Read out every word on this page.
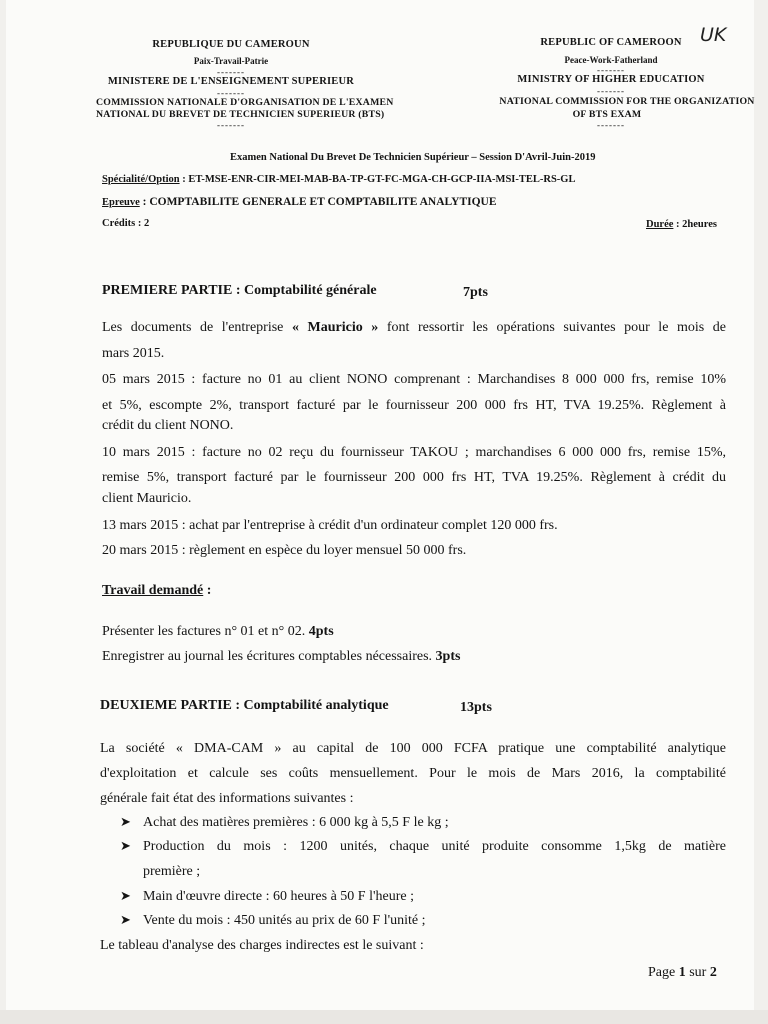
REPUBLIQUE DU CAMEROUN
Paix-Travail-Patrie
-------
MINISTERE DE L'ENSEIGNEMENT SUPERIEUR
-------
COMMISSION NATIONALE D'ORGANISATION DE L'EXAMEN
NATIONAL DU BREVET DE TECHNICIEN SUPERIEUR (BTS)
-------
REPUBLIC OF CAMEROON UK
Peace-Work-Fatherland
-------
MINISTRY OF HIGHER EDUCATION
-------
NATIONAL COMMISSION FOR THE ORGANIZATION
OF BTS EXAM
-------
Examen National Du Brevet De Technicien Supérieur – Session D'Avril-Juin-2019
Spécialité/Option : ET-MSE-ENR-CIR-MEI-MAB-BA-TP-GT-FC-MGA-CH-GCP-IIA-MSI-TEL-RS-GL
Epreuve : COMPTABILITE GENERALE ET COMPTABILITE ANALYTIQUE
Crédits : 2	Durée : 2heures
PREMIERE PARTIE : Comptabilité générale	7pts
Les documents de l'entreprise « Mauricio » font ressortir les opérations suivantes pour le mois de
mars 2015.
05 mars 2015 : facture no 01 au client NONO comprenant : Marchandises 8 000 000 frs, remise 10%
et 5%, escompte 2%, transport facturé par le fournisseur 200 000 frs HT, TVA 19.25%. Règlement à
crédit du client NONO.
10 mars 2015 : facture no 02 reçu du fournisseur TAKOU ; marchandises 6 000 000 frs, remise 15%,
remise 5%, transport facturé par le fournisseur 200 000 frs HT, TVA 19.25%. Règlement à crédit du
client Mauricio.
13 mars 2015 : achat par l'entreprise à crédit d'un ordinateur complet 120 000 frs.
20 mars 2015 : règlement en espèce du loyer mensuel 50 000 frs.
Travail demandé :
Présenter les factures n° 01 et n° 02. 4pts
Enregistrer au journal les écritures comptables nécessaires. 3pts
DEUXIEME PARTIE : Comptabilité analytique	13pts
La société « DMA-CAM » au capital de 100 000 FCFA pratique une comptabilité analytique
d'exploitation et calcule ses coûts mensuellement. Pour le mois de Mars 2016, la comptabilité
générale fait état des informations suivantes :
➤ Achat des matières premières : 6 000 kg à 5,5 F le kg ;
➤ Production du mois : 1200 unités, chaque unité produite consomme 1,5kg de matière
première ;
➤ Main d'œuvre directe : 60 heures à 50 F l'heure ;
➤ Vente du mois : 450 unités au prix de 60 F l'unité ;
Le tableau d'analyse des charges indirectes est le suivant :
Page 1 sur 2
